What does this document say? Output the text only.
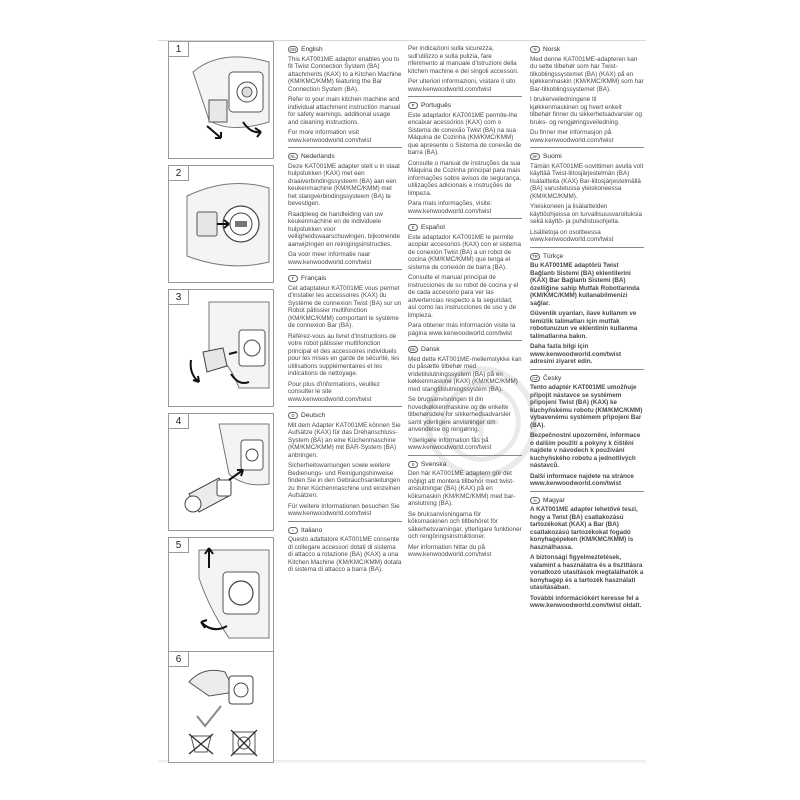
1
2
3
4
5
6
GB English
This KAT001ME adaptor enables you to fit Twist Connection System (BA) attachments (KAX) to a Kitchen Machine (KM/KMC/KMM) featuring the Bar Connection System (BA).
Refer to your main kitchen machine and individual attachment instruction manual for safety warnings, additional usage and cleaning instructions.
For more information visit www.kenwoodworld.com/twist
NL Nederlands
Deze KAT001ME adapter stelt u in staat hulpstukken (KAX) met een draaiverbindingssysteem (BA) aan een keukenmachine (KM/KMC/KMM) met het stangverbindingssysteem (BA) te bevestigen.
Raadpleeg de handleiding van uw keukenmachine en de individuele hulpstukken voor veiligheidswaarschuwingen, bijkomende aanwijzingen en reinigingsinstructies.
Ga voor meer informatie naar www.kenwoodworld.com/twist
F	Français
Cet adaptateur KAT001ME vous permet d'installer les accessoires (KAX) du Système de connexion Twist (BA) sur un Robot pâtissier multifonction (KM/KMC/KMM) comportant le système de connexion Bar (BA).
Référez-vous au livret d'instructions de votre robot pâtissier multifonction principal et des accessoires individuels pour les mises en garde de sécurité, les utilisations supplémentaires et les indications de nettoyage.
Pour plus d'informations, veuillez consulter le site www.kenwoodworld.com/twist
D Deutsch
Mit dem Adapter KAT001ME können Sie Aufsätze (KAX) für das Drehanschluss-System (BA) an eine Küchenmaschine (KM/KMC/KMM) mit BAR-System (BA) anbringen.
Sicherheitswarnungen sowie weitere Bedienungs- und Reinigungshinweise finden Sie in den Gebrauchsanleitungen zu Ihrer Küchenmaschine und einzelnen Aufsätzen.
Für weitere Informationen besuchen Sie www.kenwoodworld.com/twist
I	Italiano
Questo adattatore KAT001ME consente di collegare accessori dotati di sistema di attacco a rotazione (BA) (KAX) a una Kitchen Machine (KM/KMC/KMM) dotata di sistema di attacco a barra (BA).
Per indicazioni sulla sicurezza, sull'utilizzo e sulla pulizia, fare riferimento al manuale d'istruzioni della kitchen machine e dei singoli accessori.
Per ulteriori informazioni, visitare il sito www.kenwoodworld.com/twist
P	Português
Este adaptador KAT001ME permite-lhe encaixar acessórios (KAX) com o Sistema de conexão Twist (BA) na sua Máquina de Cozinha (KM/KMC/KMM) que apresente o Sistema de conexão de barra (BA).
Consulte o manual de instruções da sua Máquina de Cozinha principal para mais informações sobre avisos de segurança, utilizações adicionais e instruções de limpeza.
Para mais informações, visite: www.kenwoodworld.com/twist
E	Español
Este adaptador KAT001ME le permite acoplar accesorios (KAX) con el sistema de conexión Twist (BA) a un robot de cocina (KM/KMC/KMM) que tenga el sistema de conexión de barra (BA).
Consulte el manual principal de instrucciones de su robot de cocina y el de cada accesorio para ver las advertencias respecto a la seguridad, así como las instrucciones de uso y de limpieza.
Para obtener más información visite la página www.kenwoodworld.com/twist
DK Dansk
Med dette KAT001ME-mellemstykke kan du påsætte tilbehør med vridetilslutningssystem (BA) på en køkkenmaskine (KAX) (KM/KMC/KMM) med stangtilslutningssystem (BA).
Se brugsanvisningen til din hovedkøkkenmaskine og de enkelte tilbehørsdele for sikkerhedsadvarsler samt yderligere anvisninger om anvendelse og rengøring.
Yderligere information fås på www.kenwoodworld.com/twist
S	Svenska
Den här KAT001ME adaptern gör det möjligt att montera tillbehör med twist-anslutningar (BA) (KAX) på en köksmaskin (KM/KMC/KMM) med bar-anslutning (BA).
Se bruksanvisningarna för köksmaskinen och tillbehöret för säkerhetsvarningar, ytterligare funktioner och rengöringsinstruktioner.
Mer information hittar du på www.kenwoodworld.com/twist
N Norsk
Med denne KAT001ME-adapteren kan du sette tilbehør som har Twist-tilkoblingssystemet (BA) (KAX) på en kjøkkenmaskin (KM/KMC/KMM) som har Bar-tilkoblingssystemet (BA).
I brukerveiledningene til kjøkkenmaskinen og hvert enkelt tilbehør finner du sikkerhetsadvarsler og bruks- og rengjøringsveiledning.
Du finner mer informasjon på www.kenwoodworld.com/twist
SF Suomi
Tämän KAT001ME-sovittimen avulla voit käyttää Twist-liitosjärjestelmän (BA) lisälaitteita (KAX) Bar-liitosjärjestelmällä (BA) varustetussa yleiskoneessa (KM/KMC/KMM).
Yleiskoneen ja lisälaitteiden käyttöohjeissa on turvallisuusvaroituksia sekä käyttö- ja puhdistusohjeita.
Lisätietoja on osoitteessa www.kenwoodworld.com/twist
TR Türkçe
Bu KAT001ME adaptörü Twist Bağlantı Sistemi (BA) eklentilerini (KAX) Bar Bağlantı Sistemi (BA) özelliğine sahip Mutfak Robotlarında (KM/KMC/KMM) kullanabilmenizi sağlar.
Güvenlik uyarıları, ilave kullanım ve temizlik talimatları için mutfak robotunuzun ve eklentinin kullanma talimatlarına bakın.
Daha fazla bilgi için www.kenwoodworld.com/twist adresini ziyaret edin.
CZ Česky
Tento adaptér KAT001ME umožňuje připojit nástavce se systémem připojení Twist (BA) (KAX) ke kuchyňskému robotu (KM/KMC/KMM) vybavenému systémem připojení Bar (BA).
Bezpečnostní upozornění, informace o dalším použití a pokyny k čištění najdete v návodech k používání kuchyňského robotu a jednotlivých nástavců.
Další informace najdete na stránce www.kenwoodworld.com/twist
H Magyar
A KAT001ME adapter lehetővé teszi, hogy a Twist (BA) csatlakozású tartozékokat (KAX) a Bar (BA) csatlakozású tartozékokat fogadó konyhagépeken (KM/KMC/KMM) is használhassa.
A biztonsági figyelmeztetések, valamint a használatra és a tisztításra vonatkozó utasítások megtalálhatók a konyhagép és a tartozék használati utasításában.
További információkért keresse fel a www.kenwoodworld.com/twist oldalt.
